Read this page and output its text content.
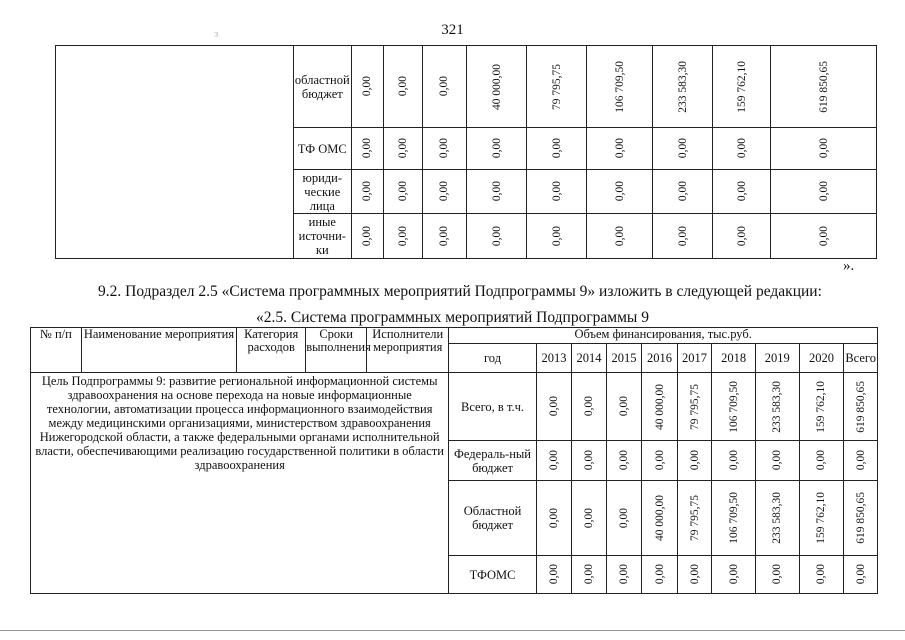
321
з
	областной бюджет	0,00	0,00	0,00	40 000,00	79 795,75	106 709,50	233 583,30	159 762,10	619 850,65

	ТФ ОМС	0,00	0,00	0,00	0,00	0,00	0,00	0,00	0,00	0,00

	юриди-ческие лица	0,00	0,00	0,00	0,00	0,00	0,00	0,00	0,00	0,00

	иные источни-ки	0,00	0,00	0,00	0,00	0,00	0,00	0,00	0,00	0,00
».
9.2. Подраздел 2.5 «Система программных мероприятий Подпрограммы 9» изложить в следующей редакции:
«2.5. Система программных мероприятий Подпрограммы 9
№ п/п	Наименование мероприятия	Категория расходов	Сроки выполнения	Исполнители мероприятия	Объем финансирования, тыс.руб.									
					год	2013	2014	2015	2016	2017	2018	2019	2020	Всего
Цель Подпрограммы 9: развитие региональной информационной системы здравоохранения на основе перехода на новые информационные технологии, автоматизации процесса информационного взаимодействия между медицинскими организациями, министерством здравоохранения Нижегородской области, а также федеральными органами исполнительной власти, обеспечивающими реализацию государственной политики в области здравоохранения					Всего, в т.ч.	0,00	0,00	0,00	40 000,00	79 795,75	106 709,50	233 583,30	159 762,10	619 850,65

					Федераль-ный бюджет	0,00	0,00	0,00	0,00	0,00	0,00	0,00	0,00	0,00

					Областной бюджет	0,00	0,00	0,00	40 000,00	79 795,75	106 709,50	233 583,30	159 762,10	619 850,65

					ТФОМС	0,00	0,00	0,00	0,00	0,00	0,00	0,00	0,00	0,00
